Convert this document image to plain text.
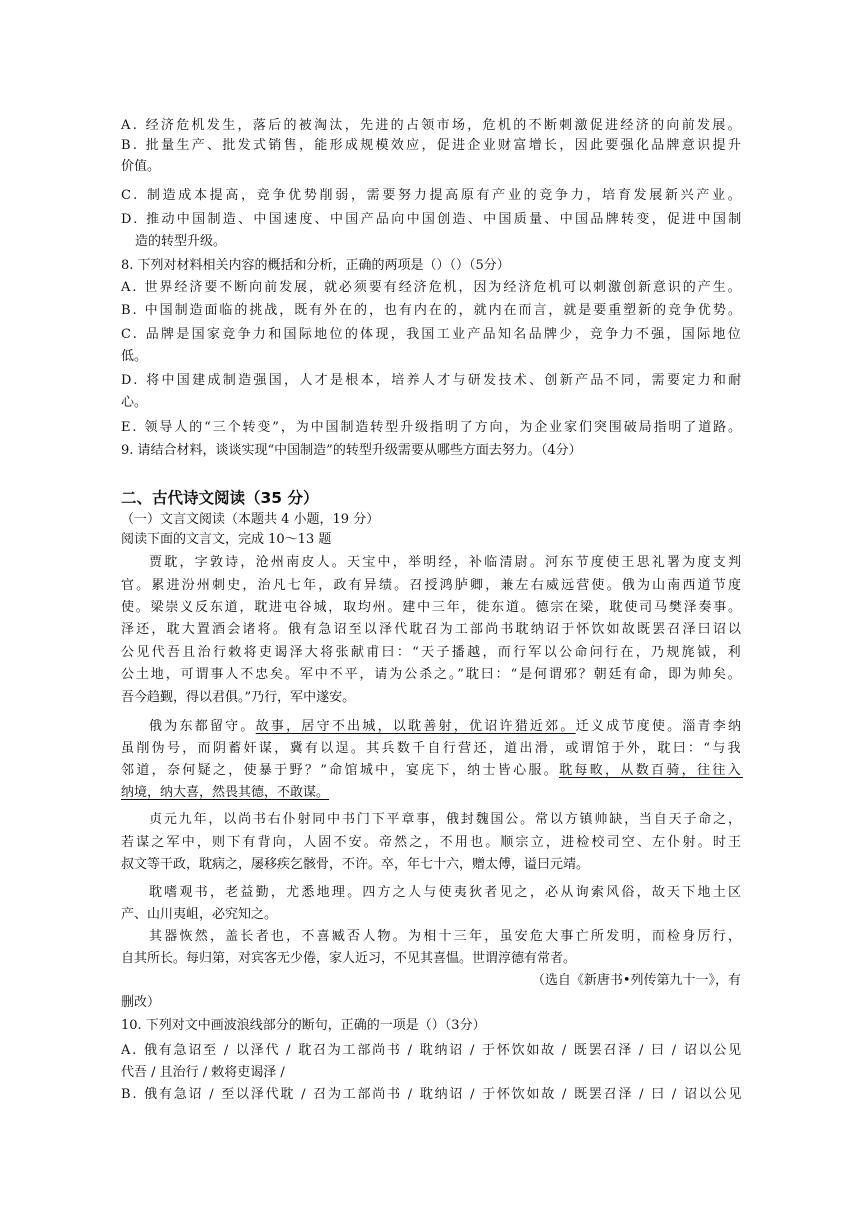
A. 经济危机发生，落后的被淘汰，先进的占领市场，危机的不断刺激促进经济的向前发展。
B. 批量生产、批发式销售，能形成规模效应，促进企业财富增长，因此要强化品牌意识提升
价值。
C. 制造成本提高，竞争优势削弱，需要努力提高原有产业的竞争力，培育发展新兴产业。
D. 推动中国制造、中国速度、中国产品向中国创造、中国质量、中国品牌转变，促进中国制
造的转型升级。
8. 下列对材料相关内容的概括和分析，正确的两项是（）（）（5分）
A. 世界经济要不断向前发展，就必须要有经济危机，因为经济危机可以刺激创新意识的产生。
B. 中国制造面临的挑战，既有外在的，也有内在的，就内在而言，就是要重塑新的竞争优势。
C. 品牌是国家竞争力和国际地位的体现，我国工业产品知名品牌少，竞争力不强，国际地位
低。
D. 将中国建成制造强国，人才是根本，培养人才与研发技术、创新产品不同，需要定力和耐
心。
E. 领导人的“三个转变”，为中国制造转型升级指明了方向，为企业家们突围破局指明了道路。
9. 请结合材料，谈谈实现“中国制造”的转型升级需要从哪些方面去努力。（4分）
二、古代诗文阅读（35 分）
（一）文言文阅读（本题共 4 小题，19 分）
阅读下面的文言文，完成 10～13 题
贾耽，字敦诗，沧州南皮人。天宝中，举明经，补临清尉。河东节度使王思礼署为度支判
官。累进汾州刺史，治凡七年，政有异绩。召授鸿胪卿，兼左右威远营使。俄为山南西道节度
使。梁崇义反东道，耽进屯谷城，取均州。建中三年，徙东道。德宗在梁，耽使司马樊泽奏事。
泽还，耽大置酒会诸将。俄有急诏至以泽代耽召为工部尚书耽纳诏于怀饮如故既罢召泽曰诏以
公见代吾且治行敕将吏谒泽大将张献甫曰：“天子播越，而行军以公命问行在，乃规旄钺，利
公土地，可谓事人不忠矣。军中不平，请为公杀之。”耽曰：“是何谓邪？朝廷有命，即为帅矣。
吾今趋觐，得以君俱。”乃行，军中遂安。
俄为东都留守。故事，居守不出城，以耽善射，优诏许猎近郊。迁义成节度使。淄青李纳
虽削伪号，而阴蓄奸谋，冀有以逞。其兵数千自行营还，道出滑，或谓馆于外，耽曰：“与我
邻道，奈何疑之，使暴于野？”命馆城中，宴庑下，纳士皆心服。耽每畋，从数百骑，往往入
纳境，纳大喜，然畏其德，不敢谋。
贞元九年，以尚书右仆射同中书门下平章事，俄封魏国公。常以方镇帅缺，当自天子命之，
若谋之军中，则下有背向，人固不安。帝然之，不用也。顺宗立，进检校司空、左仆射。时王
叔文等干政，耽病之，屡移疾乞骸骨，不许。卒，年七十六，赠太傅，谥曰元靖。
耽嗜观书，老益勤，尤悉地理。四方之人与使夷狄者见之，必从询索风俗，故天下地土区
产、山川夷岨，必究知之。
其器恢然，盖长者也，不喜臧否人物。为相十三年，虽安危大事亡所发明，而检身厉行，
自其所长。每归第，对宾客无少倦，家人近习，不见其喜愠。世谓淳德有常者。
（选自《新唐书•列传第九十一》，有
删改）
10. 下列对文中画波浪线部分的断句，正确的一项是（）（3分）
A. 俄有急诏至 / 以泽代 / 耽召为工部尚书 / 耽纳诏 / 于怀饮如故 / 既罢召泽 / 曰 / 诏以公见
代吾 / 且治行 / 敕将吏谒泽 /
B. 俄有急诏 / 至以泽代耽 / 召为工部尚书 / 耽纳诏 / 于怀饮如故 / 既罢召泽 / 曰 / 诏以公见
